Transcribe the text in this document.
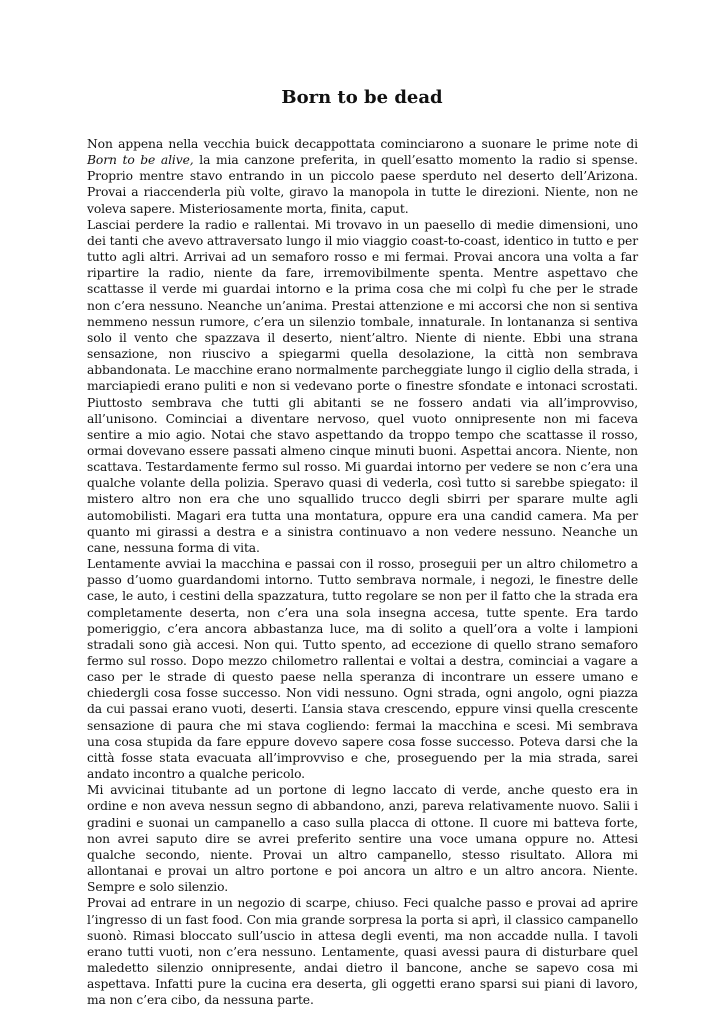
Born to be dead

Non appena nella vecchia buick decappottata cominciarono a suonare le prime note di Born to be alive, la mia canzone preferita, in quell’esatto momento la radio si spense. Proprio mentre stavo entrando in un piccolo paese sperduto nel deserto dell’Arizona. Provai a riaccenderla più volte, giravo la manopola in tutte le direzioni. Niente, non ne voleva sapere. Misteriosamente morta, finita, caput.

Lasciai perdere la radio e rallentai. Mi trovavo in un paesello di medie dimensioni, uno dei tanti che avevo attraversato lungo il mio viaggio coast-to-coast, identico in tutto e per tutto agli altri. Arrivai ad un semaforo rosso e mi fermai. Provai ancora una volta a far ripartire la radio, niente da fare, irremovibilmente spenta. Mentre aspettavo che scattasse il verde mi guardai intorno e la prima cosa che mi colpì fu che per le strade non c’era nessuno. Neanche un’anima. Prestai attenzione e mi accorsi che non si sentiva nemmeno nessun rumore, c’era un silenzio tombale, innaturale. In lontananza si sentiva solo il vento che spazzava il deserto, nient’altro. Niente di niente. Ebbi una strana sensazione, non riuscivo a spiegarmi quella desolazione, la città non sembrava abbandonata. Le macchine erano normalmente parcheggiate lungo il ciglio della strada, i marciapiedi erano puliti e non si vedevano porte o finestre sfondate e intonaci scrostati. Piuttosto sembrava che tutti gli abitanti se ne fossero andati via all’improvviso, all’unisono. Cominciai a diventare nervoso, quel vuoto onnipresente non mi faceva sentire a mio agio. Notai che stavo aspettando da troppo tempo che scattasse il rosso, ormai dovevano essere passati almeno cinque minuti buoni. Aspettai ancora. Niente, non scattava. Testardamente fermo sul rosso. Mi guardai intorno per vedere se non c’era una qualche volante della polizia. Speravo quasi di vederla, così tutto si sarebbe spiegato: il mistero altro non era che uno squallido trucco degli sbirri per sparare multe agli automobilisti. Magari era tutta una montatura, oppure era una candid camera. Ma per quanto mi girassi a destra e a sinistra continuavo a non vedere nessuno. Neanche un cane, nessuna forma di vita.

Lentamente avviai la macchina e passai con il rosso, proseguii per un altro chilometro a passo d’uomo guardandomi intorno. Tutto sembrava normale, i negozi, le finestre delle case, le auto, i cestini della spazzatura, tutto regolare se non per il fatto che la strada era completamente deserta, non c’era una sola insegna accesa, tutte spente. Era tardo pomeriggio, c’era ancora abbastanza luce, ma di solito a quell’ora a volte i lampioni stradali sono già accesi. Non qui. Tutto spento, ad eccezione di quello strano semaforo fermo sul rosso. Dopo mezzo chilometro rallentai e voltai a destra, cominciai a vagare a caso per le strade di questo paese nella speranza di incontrare un essere umano e chiedergli cosa fosse successo. Non vidi nessuno. Ogni strada, ogni angolo, ogni piazza da cui passai erano vuoti, deserti. L’ansia stava crescendo, eppure vinsi quella crescente sensazione di paura che mi stava cogliendo: fermai la macchina e scesi. Mi sembrava una cosa stupida da fare eppure dovevo sapere cosa fosse successo. Poteva darsi che la città fosse stata evacuata all’improvviso e che, proseguendo per la mia strada, sarei andato incontro a qualche pericolo.

Mi avvicinai titubante ad un portone di legno laccato di verde, anche questo era in ordine e non aveva nessun segno di abbandono, anzi, pareva relativamente nuovo. Salii i gradini e suonai un campanello a caso sulla placca di ottone. Il cuore mi batteva forte, non avrei saputo dire se avrei preferito sentire una voce umana oppure no. Attesi qualche secondo, niente. Provai un altro campanello, stesso risultato. Allora mi allontanai e provai un altro portone e poi ancora un altro e un altro ancora. Niente. Sempre e solo silenzio.

Provai ad entrare in un negozio di scarpe, chiuso. Feci qualche passo e provai ad aprire l’ingresso di un fast food. Con mia grande sorpresa la porta si aprì, il classico campanello suonò. Rimasi bloccato sull’uscio in attesa degli eventi, ma non accadde nulla. I tavoli erano tutti vuoti, non c’era nessuno. Lentamente, quasi avessi paura di disturbare quel maledetto silenzio onnipresente, andai dietro il bancone, anche se sapevo cosa mi aspettava. Infatti pure la cucina era deserta, gli oggetti erano sparsi sui piani di lavoro, ma non c’era cibo, da nessuna parte.
